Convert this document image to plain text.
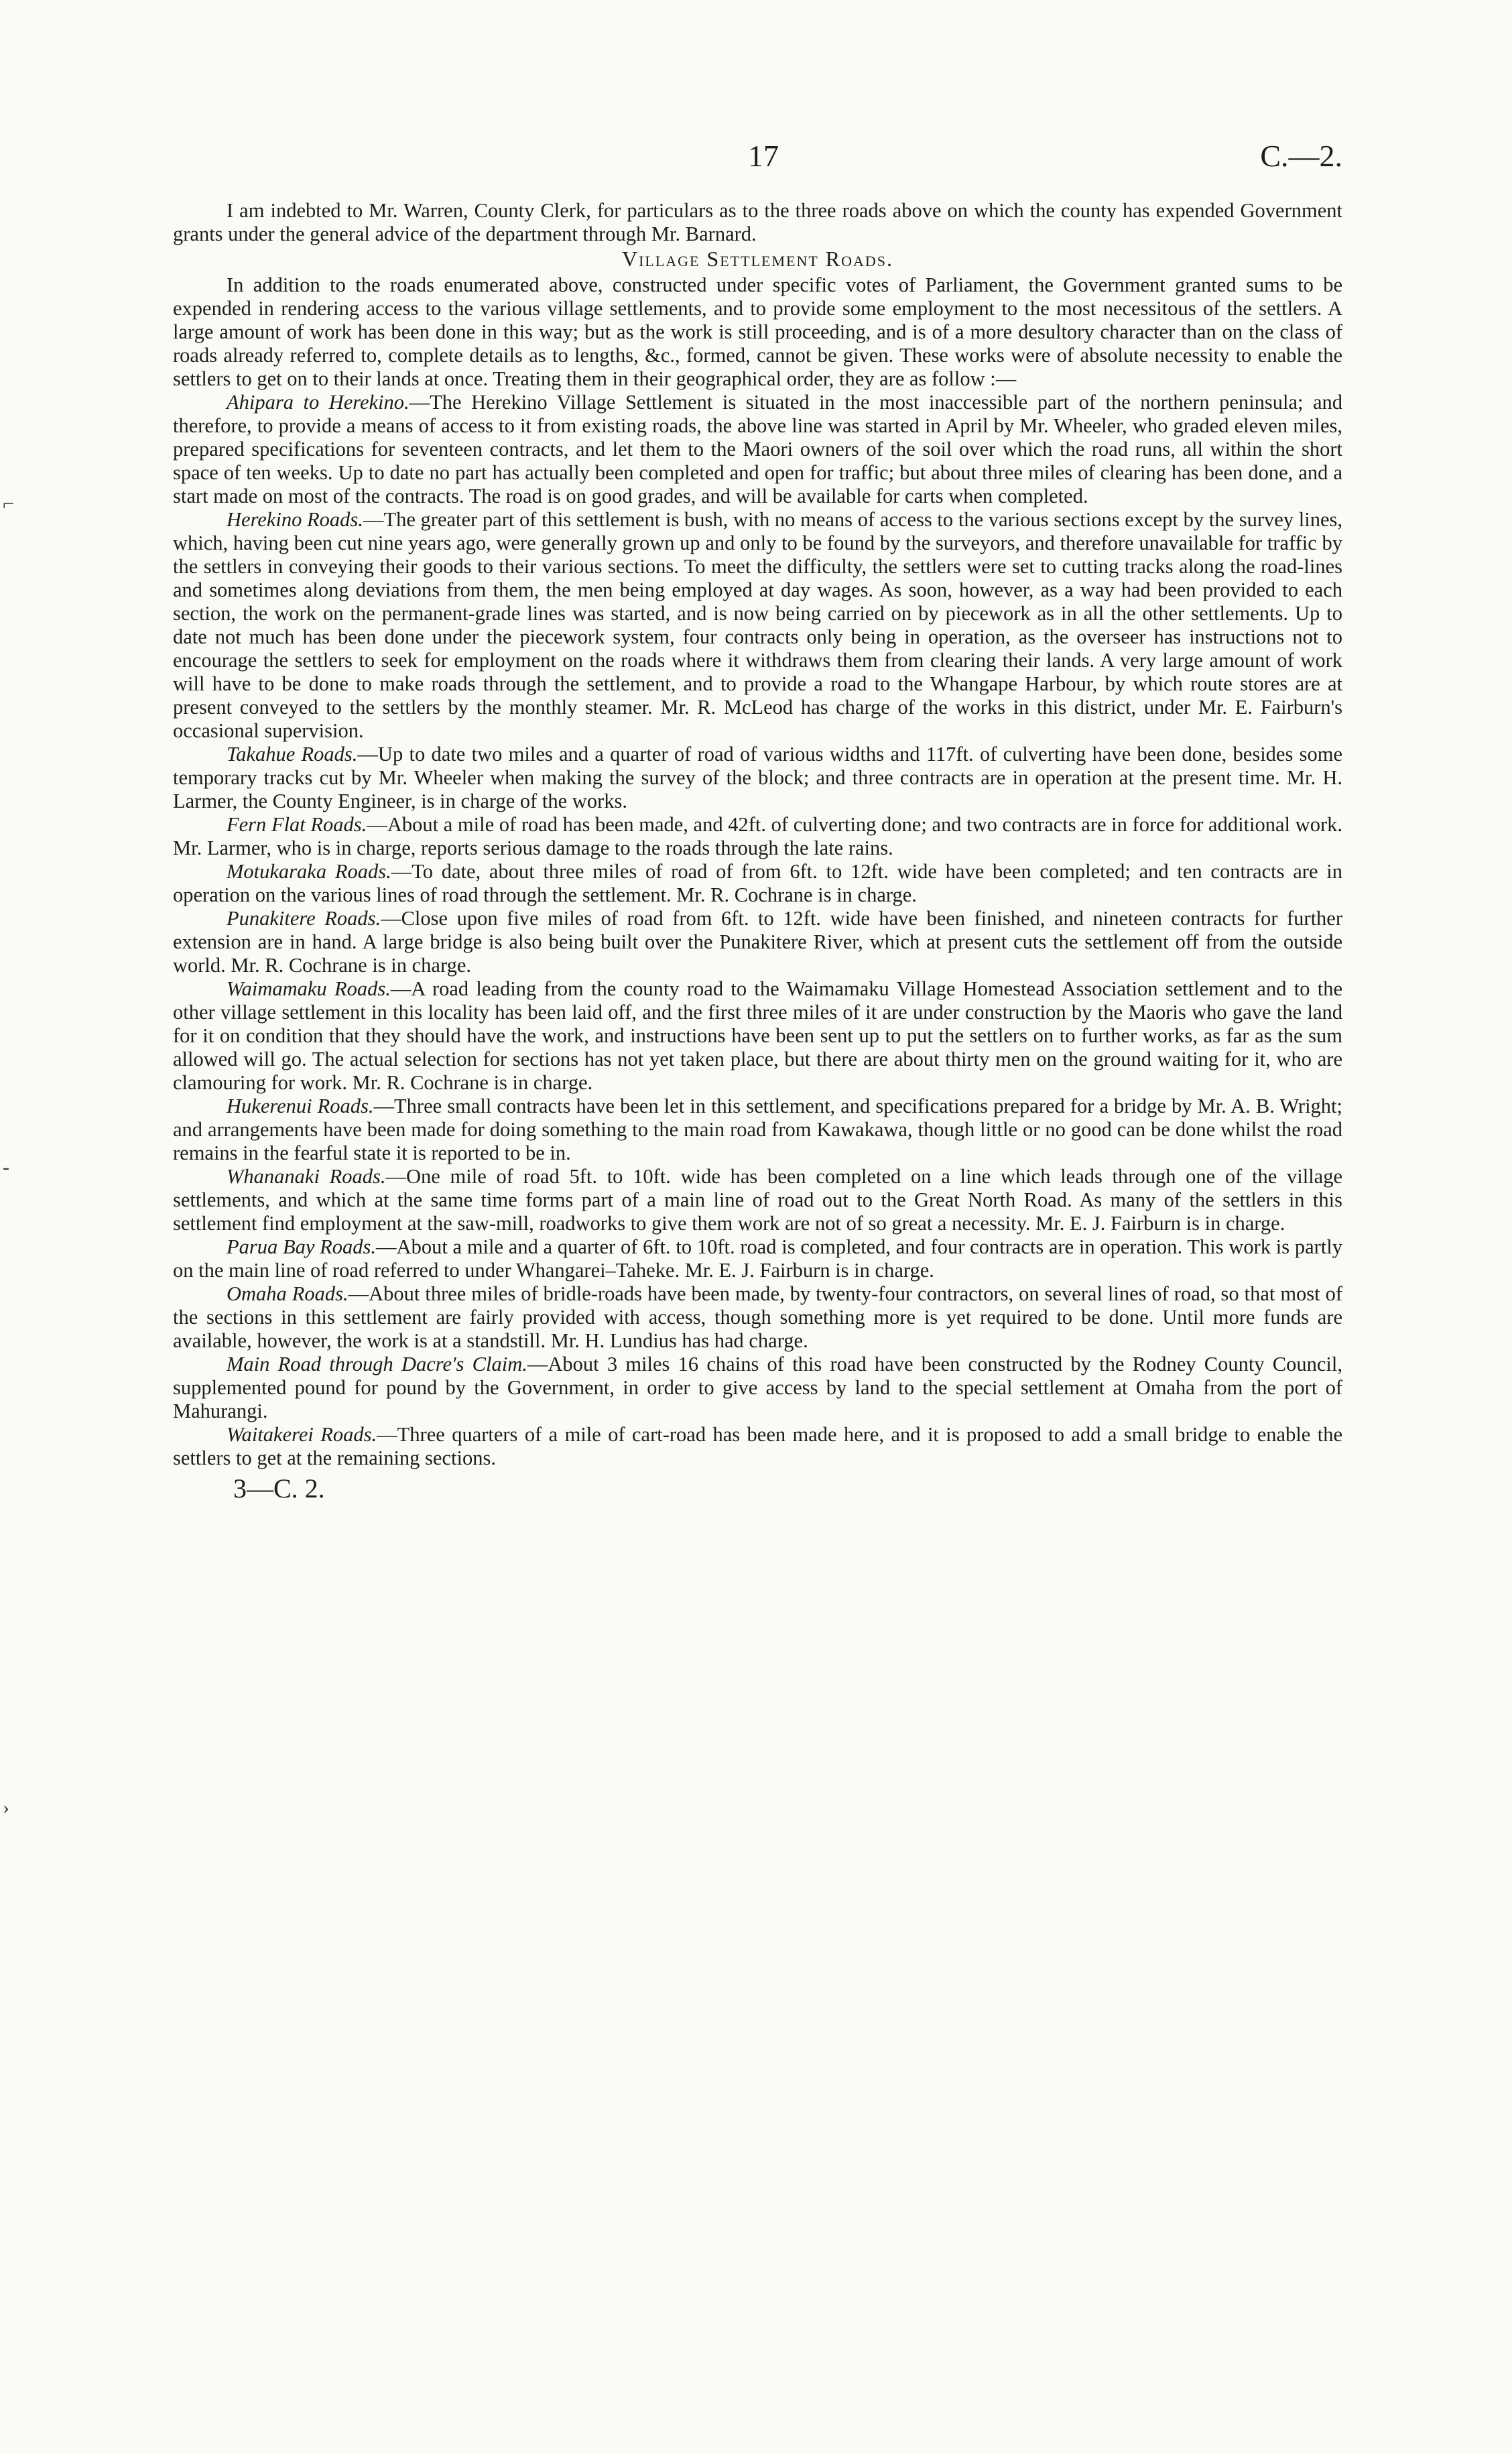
17	C.—2.

I am indebted to Mr. Warren, County Clerk, for particulars as to the three roads above on which the county has expended Government grants under the general advice of the department through Mr. Barnard.

Village Settlement Roads.

In addition to the roads enumerated above, constructed under specific votes of Parliament, the Government granted sums to be expended in rendering access to the various village settlements, and to provide some employment to the most necessitous of the settlers. A large amount of work has been done in this way; but as the work is still proceeding, and is of a more desultory character than on the class of roads already referred to, complete details as to lengths, &c., formed, cannot be given. These works were of absolute necessity to enable the settlers to get on to their lands at once. Treating them in their geographical order, they are as follow :—

Ahipara to Herekino.—The Herekino Village Settlement is situated in the most inaccessible part of the northern peninsula; and therefore, to provide a means of access to it from existing roads, the above line was started in April by Mr. Wheeler, who graded eleven miles, prepared specifications for seventeen contracts, and let them to the Maori owners of the soil over which the road runs, all within the short space of ten weeks. Up to date no part has actually been completed and open for traffic; but about three miles of clearing has been done, and a start made on most of the contracts. The road is on good grades, and will be available for carts when completed.

Herekino Roads.—The greater part of this settlement is bush, with no means of access to the various sections except by the survey lines, which, having been cut nine years ago, were generally grown up and only to be found by the surveyors, and therefore unavailable for traffic by the settlers in conveying their goods to their various sections. To meet the difficulty, the settlers were set to cutting tracks along the road-lines and sometimes along deviations from them, the men being employed at day wages. As soon, however, as a way had been provided to each section, the work on the permanent-grade lines was started, and is now being carried on by piecework as in all the other settlements. Up to date not much has been done under the piecework system, four contracts only being in operation, as the overseer has instructions not to encourage the settlers to seek for employment on the roads where it withdraws them from clearing their lands. A very large amount of work will have to be done to make roads through the settlement, and to provide a road to the Whangape Harbour, by which route stores are at present conveyed to the settlers by the monthly steamer. Mr. R. McLeod has charge of the works in this district, under Mr. E. Fairburn's occasional supervision.

Takahue Roads.—Up to date two miles and a quarter of road of various widths and 117ft. of culverting have been done, besides some temporary tracks cut by Mr. Wheeler when making the survey of the block; and three contracts are in operation at the present time. Mr. H. Larmer, the County Engineer, is in charge of the works.

Fern Flat Roads.—About a mile of road has been made, and 42ft. of culverting done; and two contracts are in force for additional work. Mr. Larmer, who is in charge, reports serious damage to the roads through the late rains.

Motukaraka Roads.—To date, about three miles of road of from 6ft. to 12ft. wide have been completed; and ten contracts are in operation on the various lines of road through the settlement. Mr. R. Cochrane is in charge.

Punakitere Roads.—Close upon five miles of road from 6ft. to 12ft. wide have been finished, and nineteen contracts for further extension are in hand. A large bridge is also being built over the Punakitere River, which at present cuts the settlement off from the outside world. Mr. R. Cochrane is in charge.

Waimamaku Roads.—A road leading from the county road to the Waimamaku Village Homestead Association settlement and to the other village settlement in this locality has been laid off, and the first three miles of it are under construction by the Maoris who gave the land for it on condition that they should have the work, and instructions have been sent up to put the settlers on to further works, as far as the sum allowed will go. The actual selection for sections has not yet taken place, but there are about thirty men on the ground waiting for it, who are clamouring for work. Mr. R. Cochrane is in charge.

Hukerenui Roads.—Three small contracts have been let in this settlement, and specifications prepared for a bridge by Mr. A. B. Wright; and arrangements have been made for doing something to the main road from Kawakawa, though little or no good can be done whilst the road remains in the fearful state it is reported to be in.

Whananaki Roads.—One mile of road 5ft. to 10ft. wide has been completed on a line which leads through one of the village settlements, and which at the same time forms part of a main line of road out to the Great North Road. As many of the settlers in this settlement find employment at the saw-mill, roadworks to give them work are not of so great a necessity. Mr. E. J. Fairburn is in charge.

Parua Bay Roads.—About a mile and a quarter of 6ft. to 10ft. road is completed, and four contracts are in operation. This work is partly on the main line of road referred to under Whangarei–Taheke. Mr. E. J. Fairburn is in charge.

Omaha Roads.—About three miles of bridle-roads have been made, by twenty-four contractors, on several lines of road, so that most of the sections in this settlement are fairly provided with access, though something more is yet required to be done. Until more funds are available, however, the work is at a standstill. Mr. H. Lundius has had charge.

Main Road through Dacre's Claim.—About 3 miles 16 chains of this road have been constructed by the Rodney County Council, supplemented pound for pound by the Government, in order to give access by land to the special settlement at Omaha from the port of Mahurangi.

Waitakerei Roads.—Three quarters of a mile of cart-road has been made here, and it is proposed to add a small bridge to enable the settlers to get at the remaining sections.

3—C. 2.
⌐
‐
›
